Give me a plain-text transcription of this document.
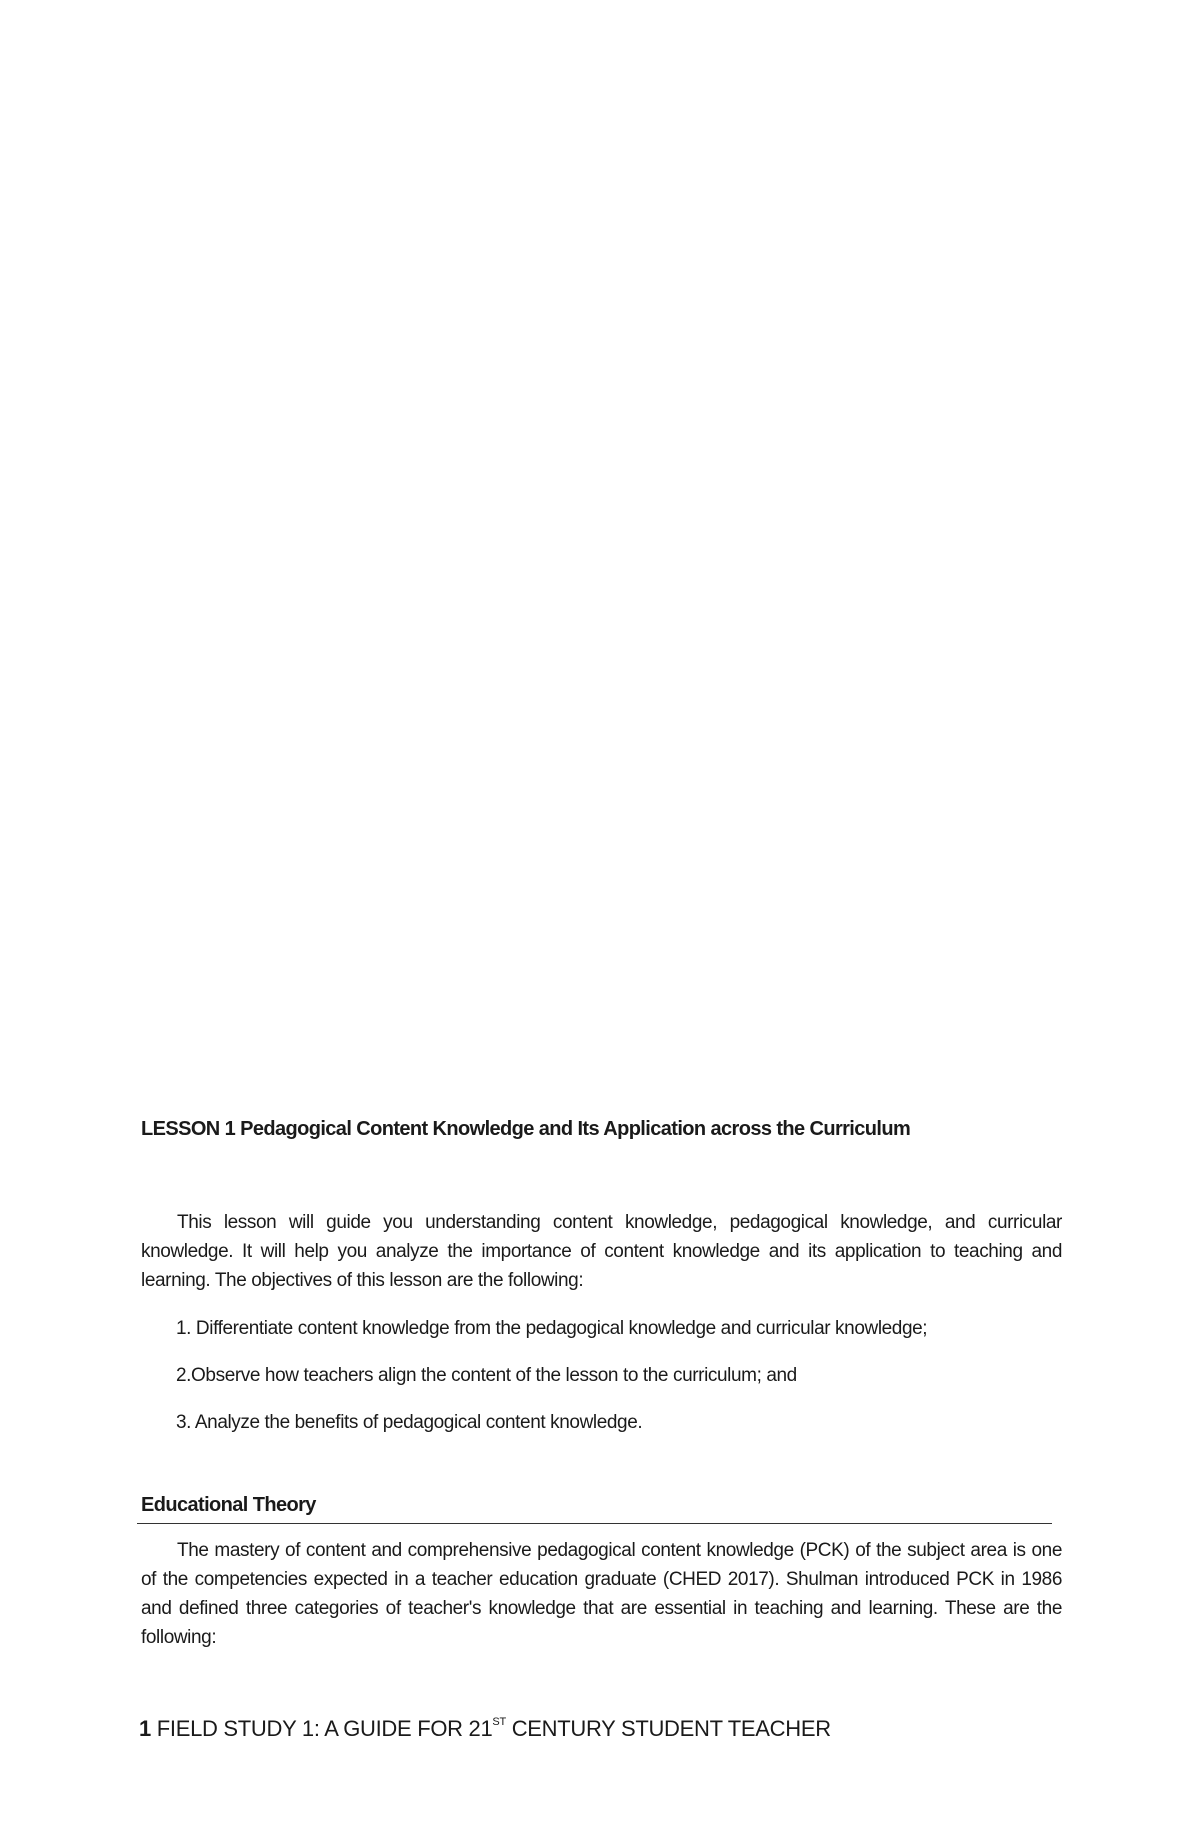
LESSON 1 Pedagogical Content Knowledge and Its Application across the Curriculum

This lesson will guide you understanding content knowledge, pedagogical knowledge, and curricular knowledge. It will help you analyze the importance of content knowledge and its application to teaching and learning. The objectives of this lesson are the following:

1. Differentiate content knowledge from the pedagogical knowledge and curricular knowledge;
2.Observe how teachers align the content of the lesson to the curriculum; and
3. Analyze the benefits of pedagogical content knowledge.
Educational Theory

The mastery of content and comprehensive pedagogical content knowledge (PCK) of the subject area is one of the competencies expected in a teacher education graduate (CHED 2017). Shulman introduced PCK in 1986 and defined three categories of teacher's knowledge that are essential in teaching and learning. These are the following:

1 FIELD STUDY 1: A GUIDE FOR 21ST CENTURY STUDENT TEACHER
